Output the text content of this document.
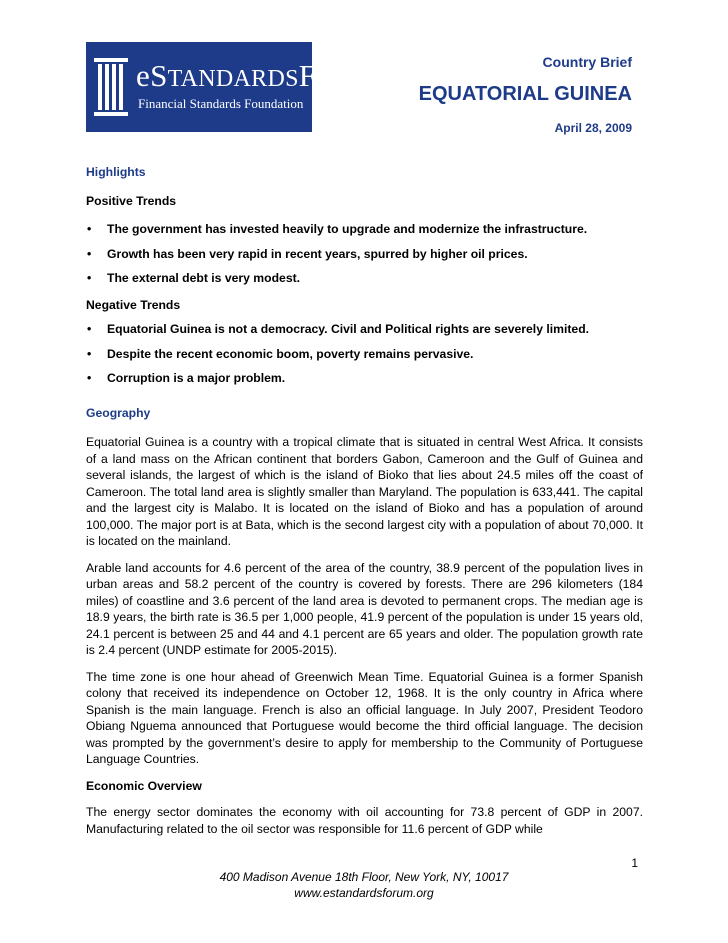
eSTANDARDSFORUM
Financial Standards Foundation
Country Brief
EQUATORIAL GUINEA
April 28, 2009
Highlights
Positive Trends
• The government has invested heavily to upgrade and modernize the infrastructure.
• Growth has been very rapid in recent years, spurred by higher oil prices.
• The external debt is very modest.
Negative Trends
• Equatorial Guinea is not a democracy. Civil and Political rights are severely limited.
• Despite the recent economic boom, poverty remains pervasive.
• Corruption is a major problem.
Geography

Equatorial Guinea is a country with a tropical climate that is situated in central West Africa. It consists of a land mass on the African continent that borders Gabon, Cameroon and the Gulf of Guinea and several islands, the largest of which is the island of Bioko that lies about 24.5 miles off the coast of Cameroon. The total land area is slightly smaller than Maryland. The population is 633,441. The capital and the largest city is Malabo. It is located on the island of Bioko and has a population of around 100,000. The major port is at Bata, which is the second largest city with a population of about 70,000. It is located on the mainland.

Arable land accounts for 4.6 percent of the area of the country, 38.9 percent of the population lives in urban areas and 58.2 percent of the country is covered by forests. There are 296 kilometers (184 miles) of coastline and 3.6 percent of the land area is devoted to permanent crops. The median age is 18.9 years, the birth rate is 36.5 per 1,000 people, 41.9 percent of the population is under 15 years old, 24.1 percent is between 25 and 44 and 4.1 percent are 65 years and older. The population growth rate is 2.4 percent (UNDP estimate for 2005-2015).

The time zone is one hour ahead of Greenwich Mean Time. Equatorial Guinea is a former Spanish colony that received its independence on October 12, 1968. It is the only country in Africa where Spanish is the main language. French is also an official language. In July 2007, President Teodoro Obiang Nguema announced that Portuguese would become the third official language. The decision was prompted by the government’s desire to apply for membership to the Community of Portuguese Language Countries.

Economic Overview

The energy sector dominates the economy with oil accounting for 73.8 percent of GDP in 2007. Manufacturing related to the oil sector was responsible for 11.6 percent of GDP while

1
400 Madison Avenue 18th Floor, New York, NY, 10017
www.estandardsforum.org
